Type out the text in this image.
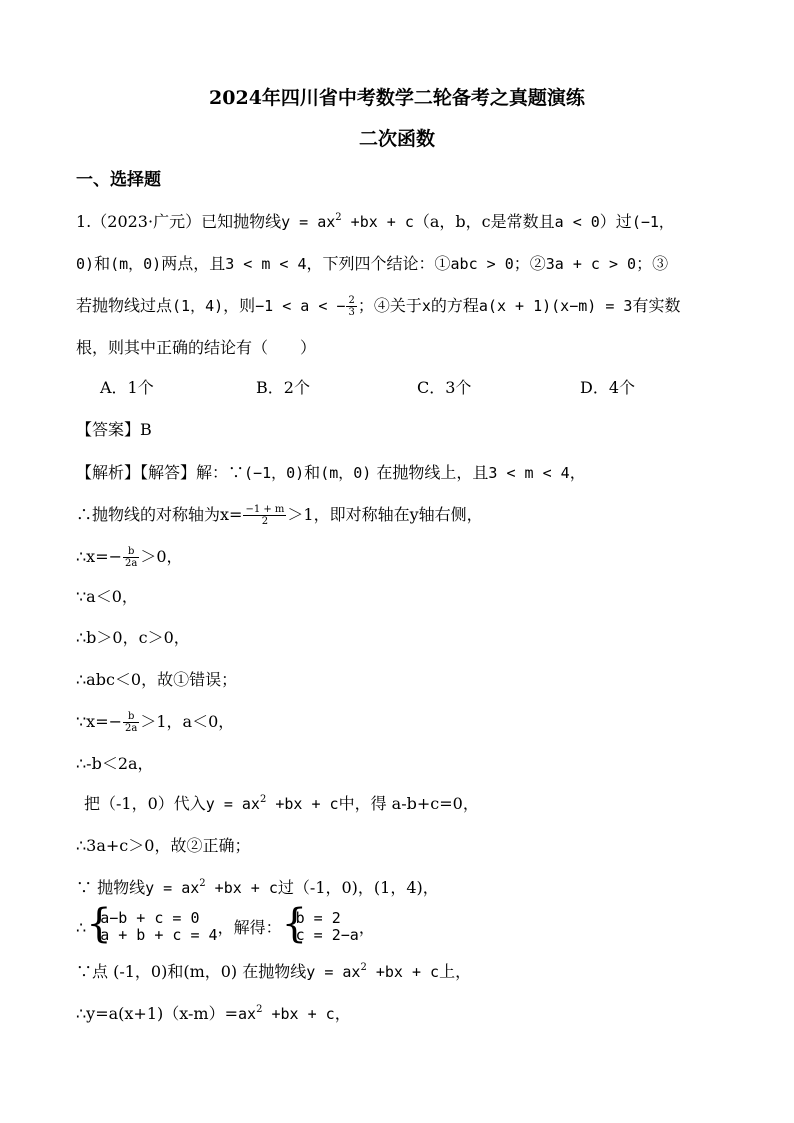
2024年四川省中考数学二轮备考之真题演练
二次函数
一、选择题
1.（2023·广元）已知抛物线$y = ax^2 +bx + c(a$，b，c是常数且a < 0）过(−1，
0)和(m，0)两点，且3 < m < 4，下列四个结论：①abc > 0；②3a + c > 0；③
若抛物线过点(1，4)，则−1 < a < − $\frac{2}{3}$ ；④关于x的方程a(x + 1)(x−m) = 3有实数
根，则其中正确的结论有（　　）
A．1个	B．2个	C．3个	D．4个
【答案】B
【解析】【解答】解：∵(−1，0)和(m，0) 在抛物线上，且3 < m < 4，
∴抛物线的对称轴为$x= \frac{-1 + m}{2} >1$，即对称轴在y轴右侧，
∴x=− $\frac{b}{2a} >0$，
∵a＜0，
∴b＞0，c＞0，
∴abc＜0，故①错误；
∵x=− $\frac{b}{2a} >1$，a＜0，
∴-b＜2a，
把（-1，0）代入$y = ax^2 +bx + c$中，得 a-b+c=0，
∴3a+c＞0，故②正确；
∵ 抛物线$y = ax^2 +bx + c$过（-1，0)，(1，4)，
∴ {
a−b + c = 0
a + b + c = 4 ，解得： {
b = 2
c = 2−a ，
∵点 (-1，0)和(m，0) 在抛物线$y = ax^2 +bx + c$上，
$\therefore y=a(x+1)(x-m)=ax^2 +bx + c$，
